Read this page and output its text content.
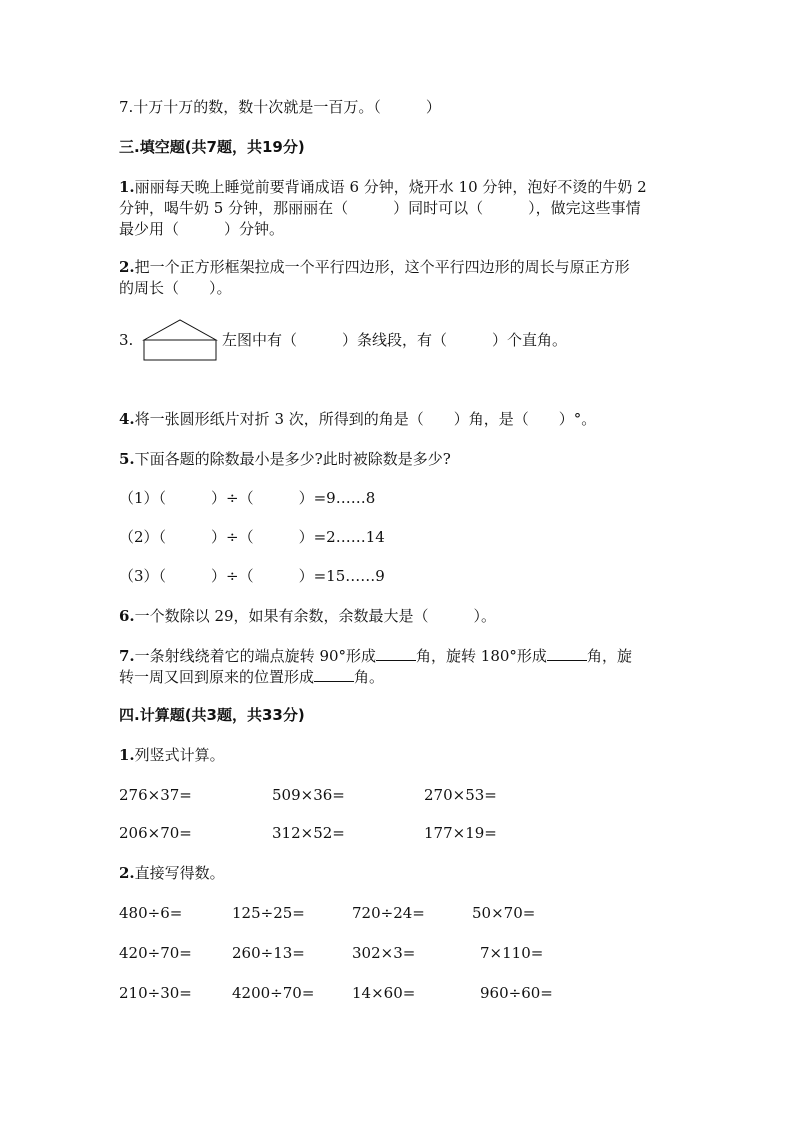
7.十万十万的数，数十次就是一百万。（　　　）
三.填空题(共7题，共19分)
1.丽丽每天晚上睡觉前要背诵成语 6 分钟，烧开水 10 分钟，泡好不烫的牛奶 2
分钟，喝牛奶 5 分钟，那丽丽在（　　　）同时可以（　　　），做完这些事情
最少用（　　　）分钟。
2.把一个正方形框架拉成一个平行四边形，这个平行四边形的周长与原正方形
的周长（　　）。
3.	左图中有（　　　）条线段，有（　　　）个直角。
4.将一张圆形纸片对折 3 次，所得到的角是（　　）角，是（　　）°。
5.下面各题的除数最小是多少?此时被除数是多少?
（1）（　　　）÷（　　　）=9……8
（2）（　　　）÷（　　　）=2……14
（3）（　　　）÷（　　　）=15……9
6.一个数除以 29，如果有余数，余数最大是（　　　）。
7.一条射线绕着它的端点旋转 90°形成	角，旋转 180°形成	角，旋
转一周又回到原来的位置形成	角。
四.计算题(共3题，共33分)
1.列竖式计算。
276×37=	509×36=	270×53=
206×70=	312×52=	177×19=
2.直接写得数。
480÷6=	125÷25=	720÷24=	50×70=
420÷70=	260÷13=	302×3=	7×110=
210÷30=	4200÷70=	14×60=	960÷60=
